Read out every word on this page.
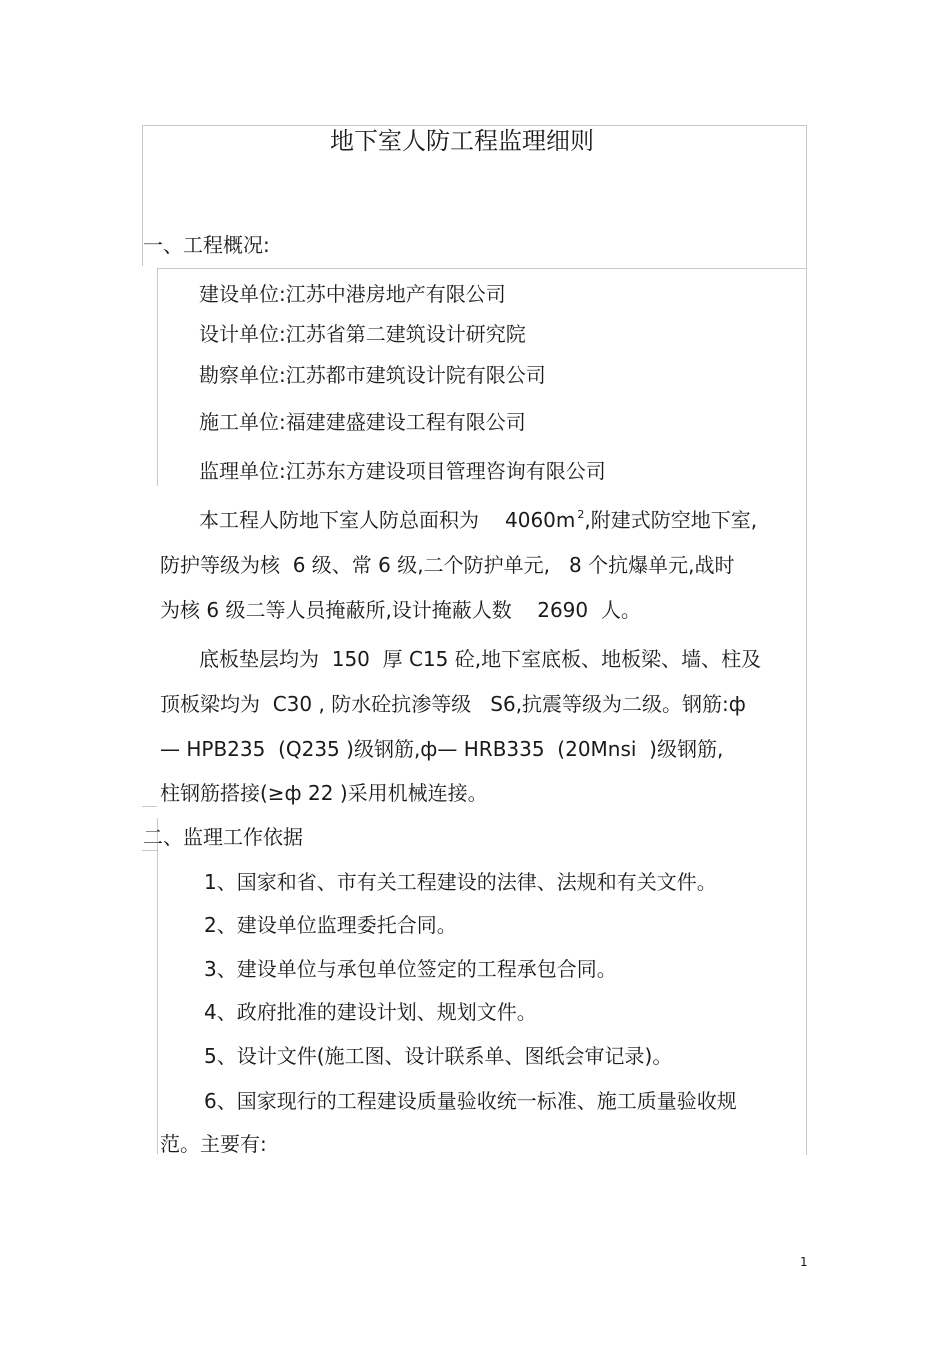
地下室人防工程监理细则
一、工程概况:
建设单位:江苏中港房地产有限公司
设计单位:江苏省第二建筑设计研究院
勘察单位:江苏都市建筑设计院有限公司
施工单位:福建建盛建设工程有限公司
监理单位:江苏东方建设项目管理咨询有限公司
本工程人防地下室人防总面积为 4060m $^2$,附建式防空地下室,
防护等级为核  6 级、常 6 级,二个防护单元,   8 个抗爆单元,战时
为核 6 级二等人员掩蔽所,设计掩蔽人数    2690  人。
底板垫层均为  150  厚 C15 砼,地下室底板、地板梁、墙、柱及
顶板梁均为  C30 , 防水砼抗渗等级   S6,抗震等级为二级。钢筋:ф
— HPB235  (Q235 )级钢筋,ф— HRB335  (20Mnsi  )级钢筋,
柱钢筋搭接(≥ф 22 )采用机械连接。
二、监理工作依据
1、国家和省、市有关工程建设的法律、法规和有关文件。
2、建设单位监理委托合同。
3、建设单位与承包单位签定的工程承包合同。
4、政府批准的建设计划、规划文件。
5、设计文件(施工图、设计联系单、图纸会审记录)。
6、国家现行的工程建设质量验收统一标准、施工质量验收规
范。主要有:
1
